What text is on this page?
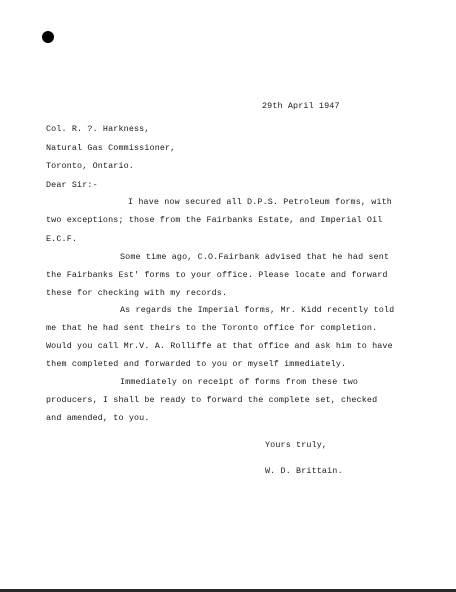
29th April 1947
Col. R. ?. Harkness,
Natural Gas Commissioner,
Toronto, Ontario.
Dear Sir:-
I have now secured all D.P.S. Petroleum forms, with
two exceptions; those from the Fairbanks Estate, and Imperial Oil
E.C.F.
Some time ago, C.O.Fairbank advised that he had sent
the Fairbanks Est' forms to your office. Please locate and forward
these for checking with my records.
As regards the Imperial forms, Mr. Kidd recently told
me that he had sent theirs to the Toronto office for completion.
Would you call Mr.V. A. Rolliffe at that office and ask him to have
them completed and forwarded to you or myself immediately.
Immediately on receipt of forms from these two
producers, I shall be ready to forward the complete set, checked
and amended, to you.
Yours truly,
W. D. Brittain.
